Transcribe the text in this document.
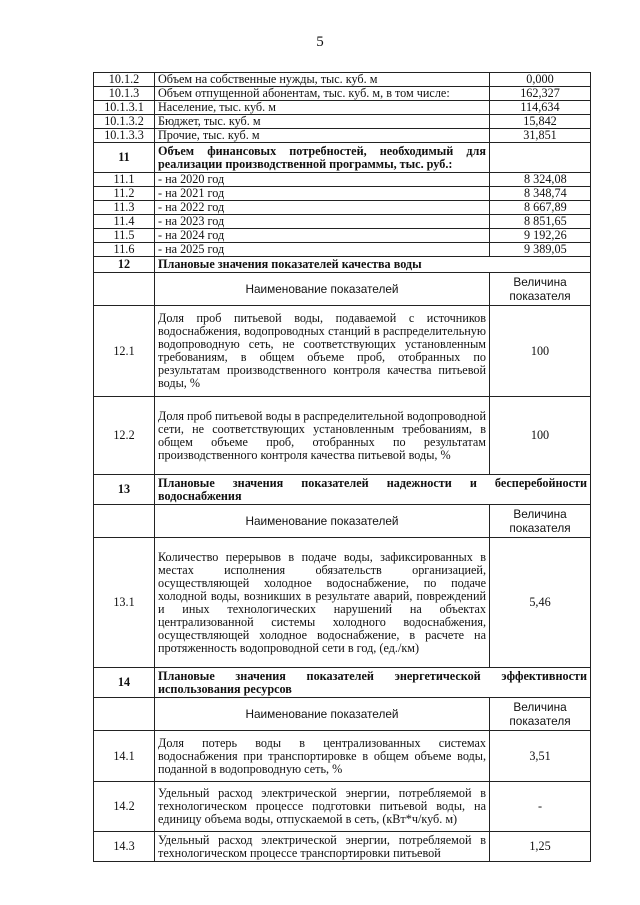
5
10.1.2	Объем на собственные нужды, тыс. куб. м	0,000
10.1.3	Объем отпущенной абонентам, тыс. куб. м, в том числе:	162,327
10.1.3.1	Население, тыс. куб. м	114,634
10.1.3.2	Бюджет, тыс. куб. м	15,842
10.1.3.3	Прочие, тыс. куб. м	31,851
11	Объем финансовых потребностей, необходимый для реализации производственной программы, тыс. руб.:	
11.1	- на 2020 год	8 324,08
11.2	- на 2021 год	8 348,74
11.3	- на 2022 год	8 667,89
11.4	- на 2023 год	8 851,65
11.5	- на 2024 год	9 192,26
11.6	- на 2025 год	9 389,05
12	Плановые значения показателей качества воды	
	Наименование показателей	Величина показателя
12.1	Доля проб питьевой воды, подаваемой с источников водоснабжения, водопроводных станций в распределительную водопроводную сеть, не соответствующих установленным требованиям, в общем объеме проб, отобранных по результатам производственного контроля качества питьевой воды, %	100
12.2	Доля проб питьевой воды в распределительной водопроводной сети, не соответствующих установленным требованиям, в общем объеме проб, отобранных по результатам производственного контроля качества питьевой воды, %	100
13	Плановые значения показателей надежности и бесперебойности водоснабжения	
	Наименование показателей	Величина показателя
13.1	Количество перерывов в подаче воды, зафиксированных в местах исполнения обязательств организацией, осуществляющей холодное водоснабжение, по подаче холодной воды, возникших в результате аварий, повреждений и иных технологических нарушений на объектах централизованной системы холодного водоснабжения, осуществляющей холодное водоснабжение, в расчете на протяженность водопроводной сети в год, (ед./км)	5,46
14	Плановые значения показателей энергетической эффективности использования ресурсов	
	Наименование показателей	Величина показателя
14.1	Доля потерь воды в централизованных системах водоснабжения при транспортировке в общем объеме воды, поданной в водопроводную сеть, %	3,51
14.2	Удельный расход электрической энергии, потребляемой в технологическом процессе подготовки питьевой воды, на единицу объема воды, отпускаемой в сеть, (кВт*ч/куб. м)	-
14.3	Удельный расход электрической энергии, потребляемой в технологическом процессе транспортировки питьевой	1,25
